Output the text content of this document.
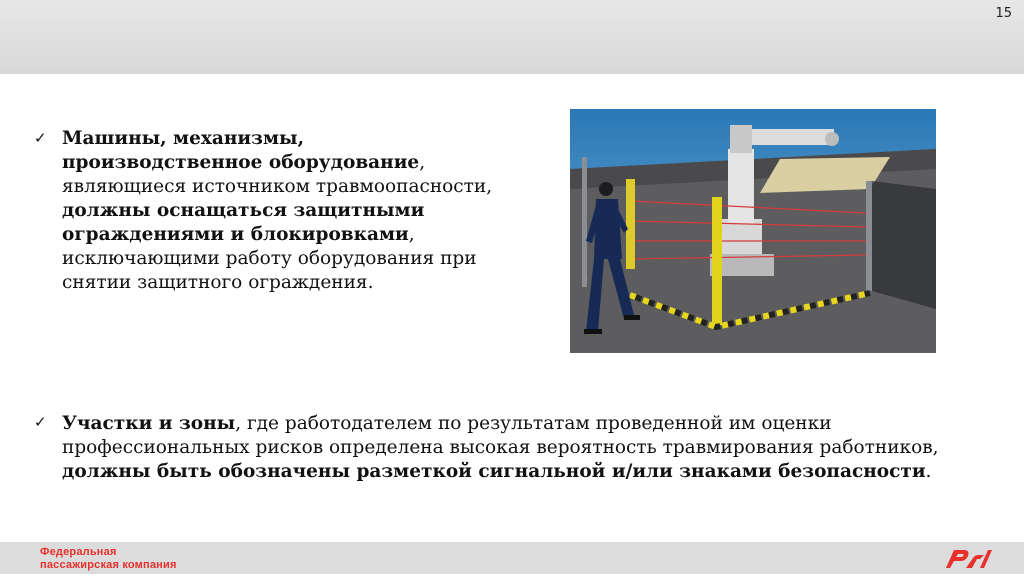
15
✓ Машины, механизмы, производственное оборудование, являющиеся источником травмоопасности, должны оснащаться защитными ограждениями и блокировками, исключающими работу оборудования при снятии защитного ограждения.
✓ Участки и зоны, где работодателем по результатам проведенной им оценки профессиональных рисков определена высокая вероятность травмирования работников, должны быть обозначены разметкой сигнальной и/или знаками безопасности.
Федеральная
пассажирская компания
